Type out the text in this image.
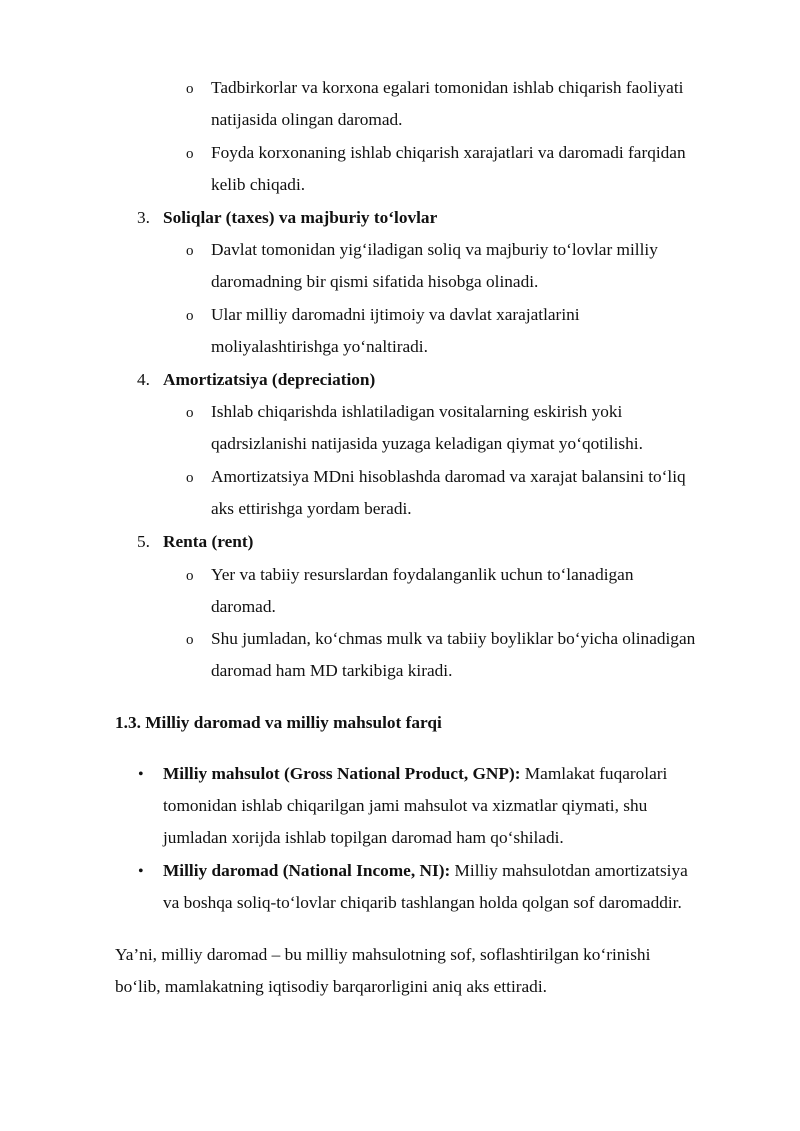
o Tadbirkorlar va korxona egalari tomonidan ishlab chiqarish faoliyati
natijasida olingan daromad.
o Foyda korxonaning ishlab chiqarish xarajatlari va daromadi farqidan
kelib chiqadi.
3. Soliqlar (taxes) va majburiy to‘lovlar
o Davlat tomonidan yig‘iladigan soliq va majburiy to‘lovlar milliy
daromadning bir qismi sifatida hisobga olinadi.
o Ular milliy daromadni ijtimoiy va davlat xarajatlarini
moliyalashtirishga yo‘naltiradi.
4. Amortizatsiya (depreciation)
o Ishlab chiqarishda ishlatiladigan vositalarning eskirish yoki
qadrsizlanishi natijasida yuzaga keladigan qiymat yo‘qotilishi.
o Amortizatsiya MDni hisoblashda daromad va xarajat balansini to‘liq
aks ettirishga yordam beradi.
5. Renta (rent)
o Yer va tabiiy resurslardan foydalanganlik uchun to‘lanadigan
daromad.
o Shu jumladan, ko‘chmas mulk va tabiiy boyliklar bo‘yicha olinadigan
daromad ham MD tarkibiga kiradi.
1.3. Milliy daromad va milliy mahsulot farqi
• Milliy mahsulot (Gross National Product, GNP): Mamlakat fuqarolari
tomonidan ishlab chiqarilgan jami mahsulot va xizmatlar qiymati, shu
jumladan xorijda ishlab topilgan daromad ham qo‘shiladi.
• Milliy daromad (National Income, NI): Milliy mahsulotdan amortizatsiya
va boshqa soliq-to‘lovlar chiqarib tashlangan holda qolgan sof daromaddir.
Ya’ni, milliy daromad – bu milliy mahsulotning sof, soflashtirilgan ko‘rinishi
bo‘lib, mamlakatning iqtisodiy barqarorligini aniq aks ettiradi.
